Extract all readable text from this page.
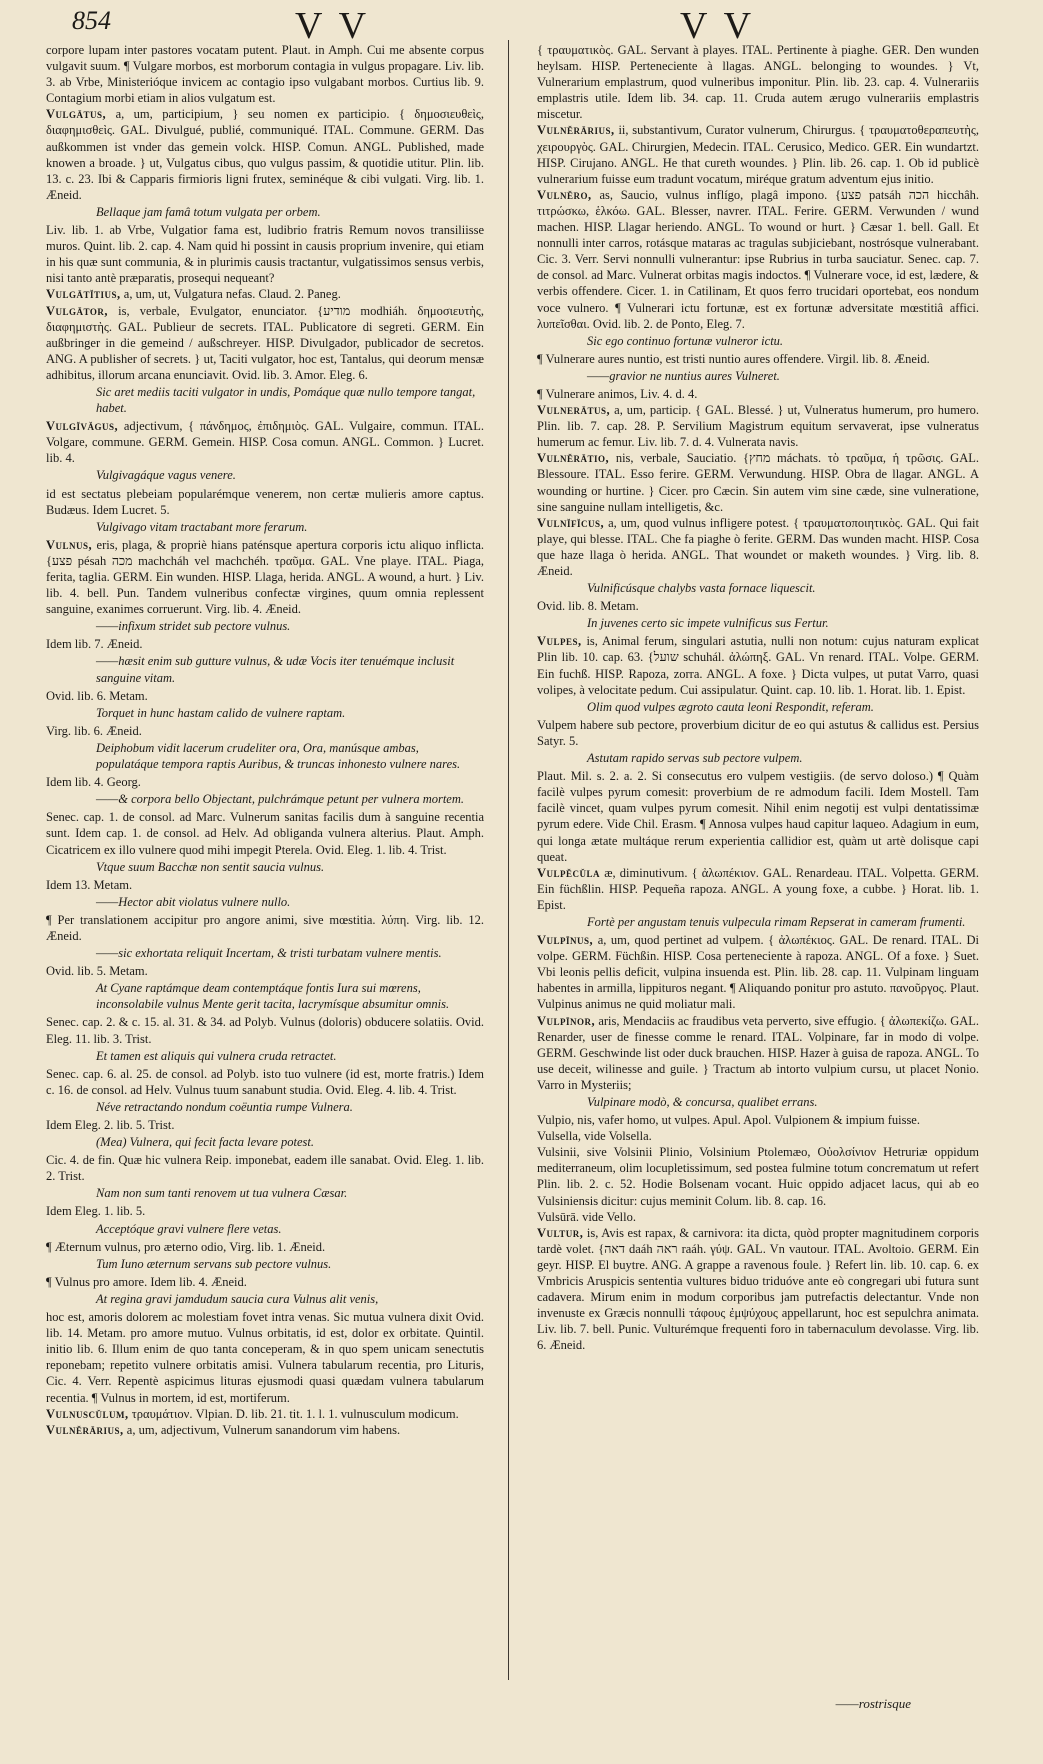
854	V V	V V

corpore lupam inter pastores vocatam putent. Plaut. in Amph. Cui me absente corpus vulgavit suum. ¶ Vulgare morbos, est morborum contagia in vulgus propagare. Liv. lib. 3. ab Vrbe, Ministerióque invicem ac contagio ipso vulgabant morbos. Curtius lib. 9. Contagium morbi etiam in alios vulgatum est.

Vulgātus, a, um, participium, } seu nomen ex participio. { δημοσιευθεὶς, διαφημισθεὶς. GAL. Divulgué, publié, communiqué. ITAL. Commune. GERM. Das außkommen ist vnder das gemein volck. HISP. Comun. ANGL. Published, made knowen a broade. } ut, Vulgatus cibus, quo vulgus passim, & quotidie utitur. Plin. lib. 13. c. 23. Ibi & Capparis firmioris ligni frutex, seminéque & cibi vulgati. Virg. lib. 1. Æneid.

Bellaque jam famâ totum vulgata per orbem.

Liv. lib. 1. ab Vrbe, Vulgatior fama est, ludibrio fratris Remum novos transiliisse muros. Quint. lib. 2. cap. 4. Nam quid hi possint in causis proprium invenire, qui etiam in his quæ sunt communia, & in plurimis causis tractantur, vulgatissimos sensus verbis, nisi tanto antè præparatis, prosequi nequeant?

Vulgātĭtius, a, um, ut, Vulgatura nefas. Claud. 2. Paneg.

Vulgātor, is, verbale, Evulgator, enunciator. {מודיע modhiáh. δημοσιευτὴς, διαφημιστὴς. GAL. Publieur de secrets. ITAL. Publicatore di segreti. GERM. Ein außbringer in die gemeind / außschreyer. HISP. Divulgador, publicador de secretos. ANG. A publisher of secrets. } ut, Taciti vulgator, hoc est, Tantalus, qui deorum mensæ adhibitus, illorum arcana enunciavit. Ovid. lib. 3. Amor. Eleg. 6.

Sic aret mediis taciti vulgator in undis, Pomáque quæ nullo tempore tangat, habet.

Vulgĭvăgus, adjectivum, { πάνδημος, ἐπιδημιὸς. GAL. Vulgaire, commun. ITAL. Volgare, commune. GERM. Gemein. HISP. Cosa comun. ANGL. Common. } Lucret. lib. 4.

Vulgivagáque vagus venere.

id est sectatus plebeiam popularémque venerem, non certæ mulieris amore captus. Budæus. Idem Lucret. 5.

Vulgivago vitam tractabant more ferarum.

Vulnus, eris, plaga, & propriè hians paténsque apertura corporis ictu aliquo inflicta. {פצע pésah מכה machcháh vel machchéh. τραῦμα. GAL. Vne playe. ITAL. Piaga, ferita, taglia. GERM. Ein wunden. HISP. Llaga, herida. ANGL. A wound, a hurt. } Liv. lib. 4. bell. Pun. Tandem vulneribus confectæ virgines, quum omnia replessent sanguine, exanimes corruerunt. Virg. lib. 4. Æneid.

——infixum stridet sub pectore vulnus.

Idem lib. 7. Æneid.

——hæsit enim sub gutture vulnus, & udæ Vocis iter tenuémque inclusit sanguine vitam.

Ovid. lib. 6. Metam.

Torquet in hunc hastam calido de vulnere raptam.

Virg. lib. 6. Æneid.

Deiphobum vidit lacerum crudeliter ora, Ora, manúsque ambas, populatáque tempora raptis Auribus, & truncas inhonesto vulnere nares.

Idem lib. 4. Georg.

——& corpora bello Objectant, pulchrámque petunt per vulnera mortem.

Senec. cap. 1. de consol. ad Marc. Vulnerum sanitas facilis dum à sanguine recentia sunt. Idem cap. 1. de consol. ad Helv. Ad obliganda vulnera alterius. Plaut. Amph. Cicatricem ex illo vulnere quod mihi impegit Pterela. Ovid. Eleg. 1. lib. 4. Trist.

Vtque suum Bacchæ non sentit saucia vulnus.

Idem 13. Metam.

——Hector abit violatus vulnere nullo.

¶ Per translationem accipitur pro angore animi, sive mœstitia. λύπη. Virg. lib. 12. Æneid.

——sic exhortata reliquit Incertam, & tristi turbatam vulnere mentis.

Ovid. lib. 5. Metam.

At Cyane raptámque deam contemptáque fontis Iura sui mœrens, inconsolabile vulnus Mente gerit tacita, lacrymísque absumitur omnis.

Senec. cap. 2. & c. 15. al. 31. & 34. ad Polyb. Vulnus (doloris) obducere solatiis. Ovid. Eleg. 11. lib. 3. Trist.

Et tamen est aliquis qui vulnera cruda retractet.

Senec. cap. 6. al. 25. de consol. ad Polyb. isto tuo vulnere (id est, morte fratris.) Idem c. 16. de consol. ad Helv. Vulnus tuum sanabunt studia. Ovid. Eleg. 4. lib. 4. Trist.

Néve retractando nondum coëuntia rumpe Vulnera.

Idem Eleg. 2. lib. 5. Trist.

(Mea) Vulnera, qui fecit facta levare potest.

Cic. 4. de fin. Quæ hic vulnera Reip. imponebat, eadem ille sanabat. Ovid. Eleg. 1. lib. 2. Trist.

Nam non sum tanti renovem ut tua vulnera Cæsar.

Idem Eleg. 1. lib. 5.

Acceptóque gravi vulnere flere vetas.

¶ Æternum vulnus, pro æterno odio, Virg. lib. 1. Æneid.

Tum Iuno æternum servans sub pectore vulnus.

¶ Vulnus pro amore. Idem lib. 4. Æneid.

At regina gravi jamdudum saucia cura Vulnus alit venis,

hoc est, amoris dolorem ac molestiam fovet intra venas. Sic mutua vulnera dixit Ovid. lib. 14. Metam. pro amore mutuo. Vulnus orbitatis, id est, dolor ex orbitate. Quintil. initio lib. 6. Illum enim de quo tanta conceperam, & in quo spem unicam senectutis reponebam; repetito vulnere orbitatis amisi. Vulnera tabularum recentia, pro Lituris, Cic. 4. Verr. Repentè aspicimus lituras ejusmodi quasi quædam vulnera tabularum recentia. ¶ Vulnus in mortem, id est, mortiferum.

Vulnuscŭlum, τραυμάτιον. Vlpian. D. lib. 21. tit. 1. l. 1. vulnusculum modicum.

Vulnĕrārius, a, um, adjectivum, Vulnerum sanandorum vim habens.

{ τραυματικὸς. GAL. Servant à playes. ITAL. Pertinente à piaghe. GER. Den wunden heylsam. HISP. Perteneciente à llagas. ANGL. belonging to woundes. } Vt, Vulnerarium emplastrum, quod vulneribus imponitur. Plin. lib. 23. cap. 4. Vulnerariis emplastris utile. Idem lib. 34. cap. 11. Cruda autem ærugo vulnerariis emplastris miscetur.

Vulnĕrārius, ii, substantivum, Curator vulnerum, Chirurgus. { τραυματοθεραπευτὴς, χειρουργὸς. GAL. Chirurgien, Medecin. ITAL. Cerusico, Medico. GER. Ein wundartzt. HISP. Cirujano. ANGL. He that cureth woundes. } Plin. lib. 26. cap. 1. Ob id publicè vulnerarium fuisse eum tradunt vocatum, miréque gratum adventum ejus initio.

Vulnĕro, as, Saucio, vulnus inflígo, plagâ impono. {פצע patsáh הכה hicchâh. τιτρώσκω, ἑλκόω. GAL. Blesser, navrer. ITAL. Ferire. GERM. Verwunden / wund machen. HISP. Llagar heriendo. ANGL. To wound or hurt. } Cæsar 1. bell. Gall. Et nonnulli inter carros, rotásque mataras ac tragulas subjiciebant, nostrósque vulnerabant. Cic. 3. Verr. Servi nonnulli vulnerantur: ipse Rubrius in turba sauciatur. Senec. cap. 7. de consol. ad Marc. Vulnerat orbitas magis indoctos. ¶ Vulnerare voce, id est, lædere, & verbis offendere. Cicer. 1. in Catilinam, Et quos ferro trucidari oportebat, eos nondum voce vulnero. ¶ Vulnerari ictu fortunæ, est ex fortunæ adversitate mœstitiâ affici. λυπεῖσθαι. Ovid. lib. 2. de Ponto, Eleg. 7.

Sic ego continuo fortunæ vulneror ictu.

¶ Vulnerare aures nuntio, est tristi nuntio aures offendere. Virgil. lib. 8. Æneid.

——gravior ne nuntius aures Vulneret.

¶ Vulnerare animos, Liv. 4. d. 4.

Vulnerātus, a, um, particip. { GAL. Blessé. } ut, Vulneratus humerum, pro humero. Plin. lib. 7. cap. 28. P. Servilium Magistrum equitum servaverat, ipse vulneratus humerum ac femur. Liv. lib. 7. d. 4. Vulnerata navis.

Vulnĕrātio, nis, verbale, Sauciatio. {מחץ máchats. τὸ τραῦμα, ἡ τρῶσις. GAL. Blessoure. ITAL. Esso ferire. GERM. Verwundung. HISP. Obra de llagar. ANGL. A wounding or hurtine. } Cicer. pro Cæcin. Sin autem vim sine cæde, sine vulneratione, sine sanguine nullam intelligetis, &c.

Vulnĭfĭcus, a, um, quod vulnus infligere potest. { τραυματοποιητικὸς. GAL. Qui fait playe, qui blesse. ITAL. Che fa piaghe ò ferite. GERM. Das wunden macht. HISP. Cosa que haze llaga ò herida. ANGL. That woundet or maketh woundes. } Virg. lib. 8. Æneid.

Vulnificúsque chalybs vasta fornace liquescit.

Ovid. lib. 8. Metam.

In juvenes certo sic impete vulnificus sus Fertur.

Vulpes, is, Animal ferum, singulari astutia, nulli non notum: cujus naturam explicat Plin lib. 10. cap. 63. {שועל schuhál. ἀλώπηξ. GAL. Vn renard. ITAL. Volpe. GERM. Ein fuchß. HISP. Rapoza, zorra. ANGL. A foxe. } Dicta vulpes, ut putat Varro, quasi volipes, à velocitate pedum. Cui assipulatur. Quint. cap. 10. lib. 1. Horat. lib. 1. Epist.

Olim quod vulpes ægroto cauta leoni Respondit, referam.

Vulpem habere sub pectore, proverbium dicitur de eo qui astutus & callidus est. Persius Satyr. 5.

Astutam rapido servas sub pectore vulpem.

Plaut. Mil. s. 2. a. 2. Si consecutus ero vulpem vestigiis. (de servo doloso.) ¶ Quàm facilè vulpes pyrum comesit: proverbium de re admodum facili. Idem Mostell. Tam facilè vincet, quam vulpes pyrum comesit. Nihil enim negotij est vulpi dentatissimæ pyrum edere. Vide Chil. Erasm. ¶ Annosa vulpes haud capitur laqueo. Adagium in eum, qui longa ætate multáque rerum experientia callidior est, quàm ut artè dolisque capi queat.

Vulpĕcŭla æ, diminutivum. { ἀλωπέκιον. GAL. Renardeau. ITAL. Volpetta. GERM. Ein füchßlin. HISP. Pequeña rapoza. ANGL. A young foxe, a cubbe. } Horat. lib. 1. Epist.

Fortè per angustam tenuis vulpecula rimam Repserat in cameram frumenti.

Vulpīnus, a, um, quod pertinet ad vulpem. { ἀλωπέκιος. GAL. De renard. ITAL. Di volpe. GERM. Füchßin. HISP. Cosa perteneciente à rapoza. ANGL. Of a foxe. } Suet. Vbi leonis pellis deficit, vulpina insuenda est. Plin. lib. 28. cap. 11. Vulpinam linguam habentes in armilla, lippituros negant. ¶ Aliquando ponitur pro astuto. πανοῦργος. Plaut. Vulpinus animus ne quid moliatur mali.

Vulpīnor, aris, Mendaciis ac fraudibus veta perverto, sive effugio. { ἀλωπεκίζω. GAL. Renarder, user de finesse comme le renard. ITAL. Volpinare, far in modo di volpe. GERM. Geschwinde list oder duck brauchen. HISP. Hazer à guisa de rapoza. ANGL. To use deceit, wilinesse and guile. } Tractum ab intorto vulpium cursu, ut placet Nonio. Varro in Mysteriis;

Vulpinare modò, & concursa, qualibet errans.

Vulpio, nis, vafer homo, ut vulpes. Apul. Apol. Vulpionem & impium fuisse.

Vulsella, vide Volsella.

Vulsinii, sive Volsinii Plinio, Volsinium Ptolemæo, Οὐολσίνιον Hetruriæ oppidum mediterraneum, olim locupletissimum, sed postea fulmine totum concrematum ut refert Plin. lib. 2. c. 52. Hodie Bolsenam vocant. Huic oppido adjacet lacus, qui ab eo Vulsiniensis dicitur: cujus meminit Colum. lib. 8. cap. 16.

Vulsūrā. vide Vello.

Vultur, is, Avis est rapax, & carnivora: ita dicta, quòd propter magnitudinem corporis tardè volet. {דאה daáh ראה raáh. γύψ. GAL. Vn vautour. ITAL. Avoltoio. GERM. Ein geyr. HISP. El buytre. ANG. A grappe a ravenous foule. } Refert lin. lib. 10. cap. 6. ex Vmbricis Aruspicis sententia vultures biduo triduóve ante eò congregari ubi futura sunt cadavera. Mirum enim in modum corporibus jam putrefactis delectantur. Vnde non invenuste ex Græcis nonnulli τάφους ἐμψύχους appellarunt, hoc est sepulchra animata. Liv. lib. 7. bell. Punic. Vulturémque frequenti foro in tabernaculum devolasse. Virg. lib. 6. Æneid.

——rostrisque
